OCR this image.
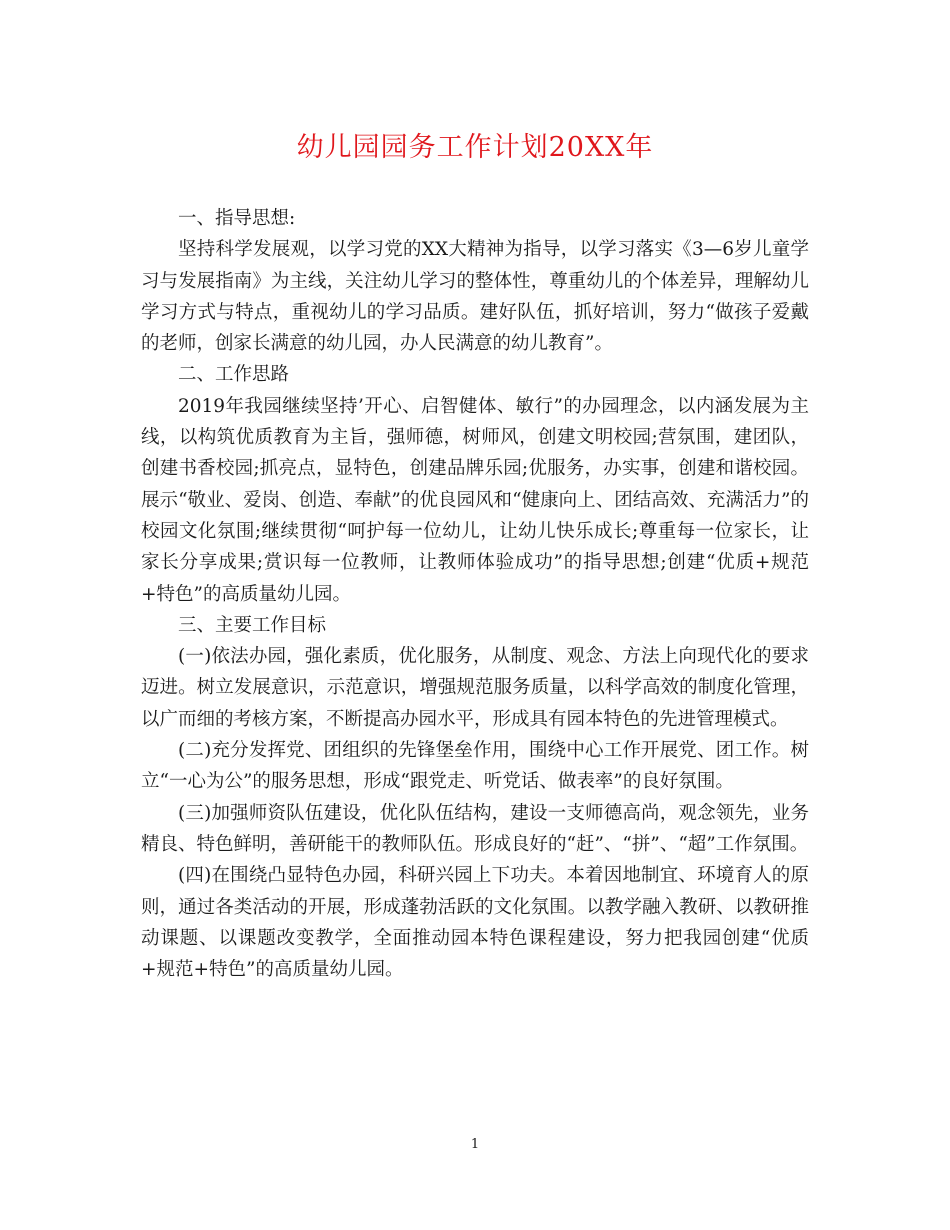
幼儿园园务工作计划20XX年

一、指导思想:

坚持科学发展观，以学习党的XX大精神为指导，以学习落实《3—6岁儿童学习与发展指南》为主线，关注幼儿学习的整体性，尊重幼儿的个体差异，理解幼儿学习方式与特点，重视幼儿的学习品质。建好队伍，抓好培训，努力“做孩子爱戴的老师，创家长满意的幼儿园，办人民满意的幼儿教育”。

二、工作思路

2019年我园继续坚持’开心、启智健体、敏行”的办园理念，以内涵发展为主线，以构筑优质教育为主旨，强师德，树师风，创建文明校园;营氛围，建团队，创建书香校园;抓亮点，显特色，创建品牌乐园;优服务，办实事，创建和谐校园。展示“敬业、爱岗、创造、奉献”的优良园风和“健康向上、团结高效、充满活力”的校园文化氛围;继续贯彻“呵护每一位幼儿，让幼儿快乐成长;尊重每一位家长，让家长分享成果;赏识每一位教师，让教师体验成功”的指导思想;创建“优质+规范+特色”的高质量幼儿园。

三、主要工作目标

(一)依法办园，强化素质，优化服务，从制度、观念、方法上向现代化的要求迈进。树立发展意识，示范意识，增强规范服务质量，以科学高效的制度化管理，以广而细的考核方案，不断提高办园水平，形成具有园本特色的先进管理模式。

(二)充分发挥党、团组织的先锋堡垒作用，围绕中心工作开展党、团工作。树立“一心为公”的服务思想，形成“跟党走、听党话、做表率”的良好氛围。

(三)加强师资队伍建设，优化队伍结构，建设一支师德高尚，观念领先，业务精良、特色鲜明，善研能干的教师队伍。形成良好的“赶”、“拼”、“超”工作氛围。

(四)在围绕凸显特色办园，科研兴园上下功夫。本着因地制宜、环境育人的原则，通过各类活动的开展，形成蓬勃活跃的文化氛围。以教学融入教研、以教研推动课题、以课题改变教学，全面推动园本特色课程建设，努力把我园创建“优质+规范+特色”的高质量幼儿园。

1
